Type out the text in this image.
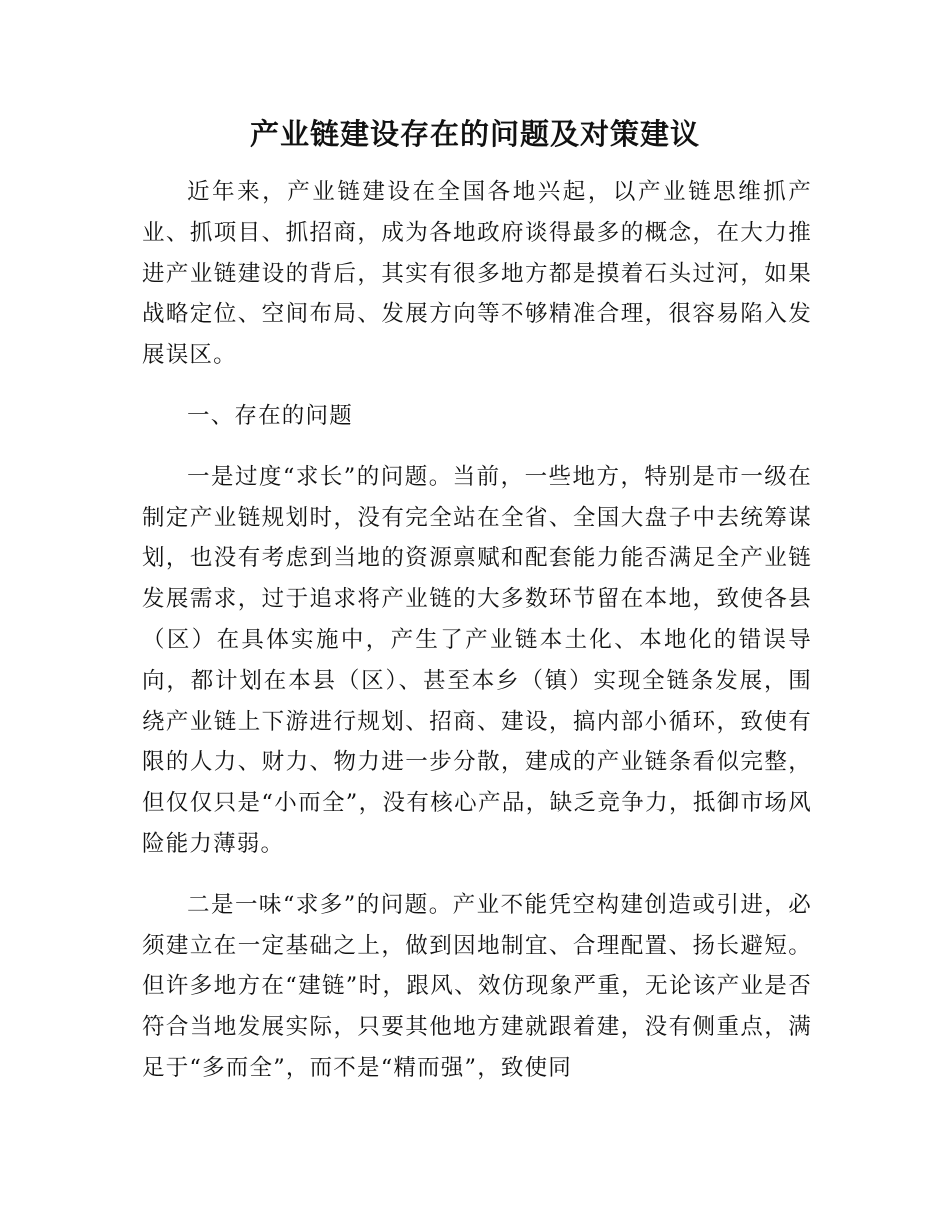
产业链建设存在的问题及对策建议

近年来，产业链建设在全国各地兴起，以产业链思维抓产业、抓项目、抓招商，成为各地政府谈得最多的概念，在大力推进产业链建设的背后，其实有很多地方都是摸着石头过河，如果战略定位、空间布局、发展方向等不够精准合理，很容易陷入发展误区。

一、存在的问题

一是过度“求长”的问题。当前，一些地方，特别是市一级在制定产业链规划时，没有完全站在全省、全国大盘子中去统筹谋划，也没有考虑到当地的资源禀赋和配套能力能否满足全产业链发展需求，过于追求将产业链的大多数环节留在本地，致使各县（区）在具体实施中，产生了产业链本土化、本地化的错误导向，都计划在本县（区）、甚至本乡（镇）实现全链条发展，围绕产业链上下游进行规划、招商、建设，搞内部小循环，致使有限的人力、财力、物力进一步分散，建成的产业链条看似完整，但仅仅只是“小而全”，没有核心产品，缺乏竞争力，抵御市场风险能力薄弱。

二是一味“求多”的问题。产业不能凭空构建创造或引进，必须建立在一定基础之上，做到因地制宜、合理配置、扬长避短。但许多地方在“建链”时，跟风、效仿现象严重，无论该产业是否符合当地发展实际，只要其他地方建就跟着建，没有侧重点，满足于“多而全”，而不是“精而强”，致使同
